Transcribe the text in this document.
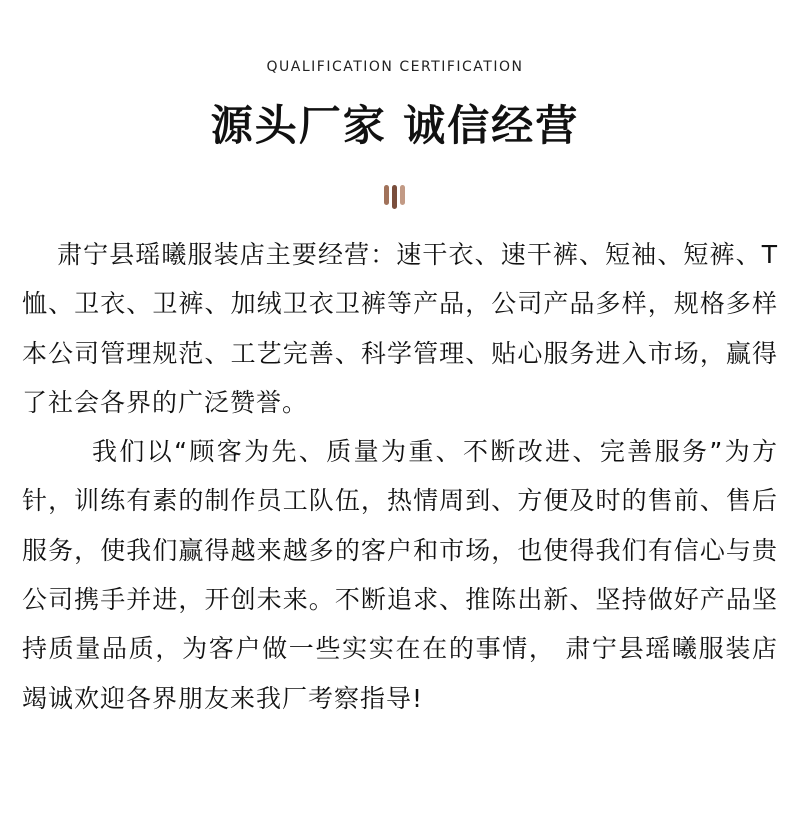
QUALIFICATION CERTIFICATION
源头厂家 诚信经营

肃宁县瑶曦服装店主要经营：速干衣、速干裤、短袖、短裤、T恤、卫衣、卫裤、加绒卫衣卫裤等产品，公司产品多样，规格多样本公司管理规范、工艺完善、科学管理、贴心服务进入市场，赢得了社会各界的广泛赞誉。

我们以“顾客为先、质量为重、不断改进、完善服务”为方针，训练有素的制作员工队伍，热情周到、方便及时的售前、售后服务，使我们赢得越来越多的客户和市场，也使得我们有信心与贵公司携手并进，开创未来。不断追求、推陈出新、坚持做好产品坚持质量品质，为客户做一些实实在在的事情， 肃宁县瑶曦服装店竭诚欢迎各界朋友来我厂考察指导!
